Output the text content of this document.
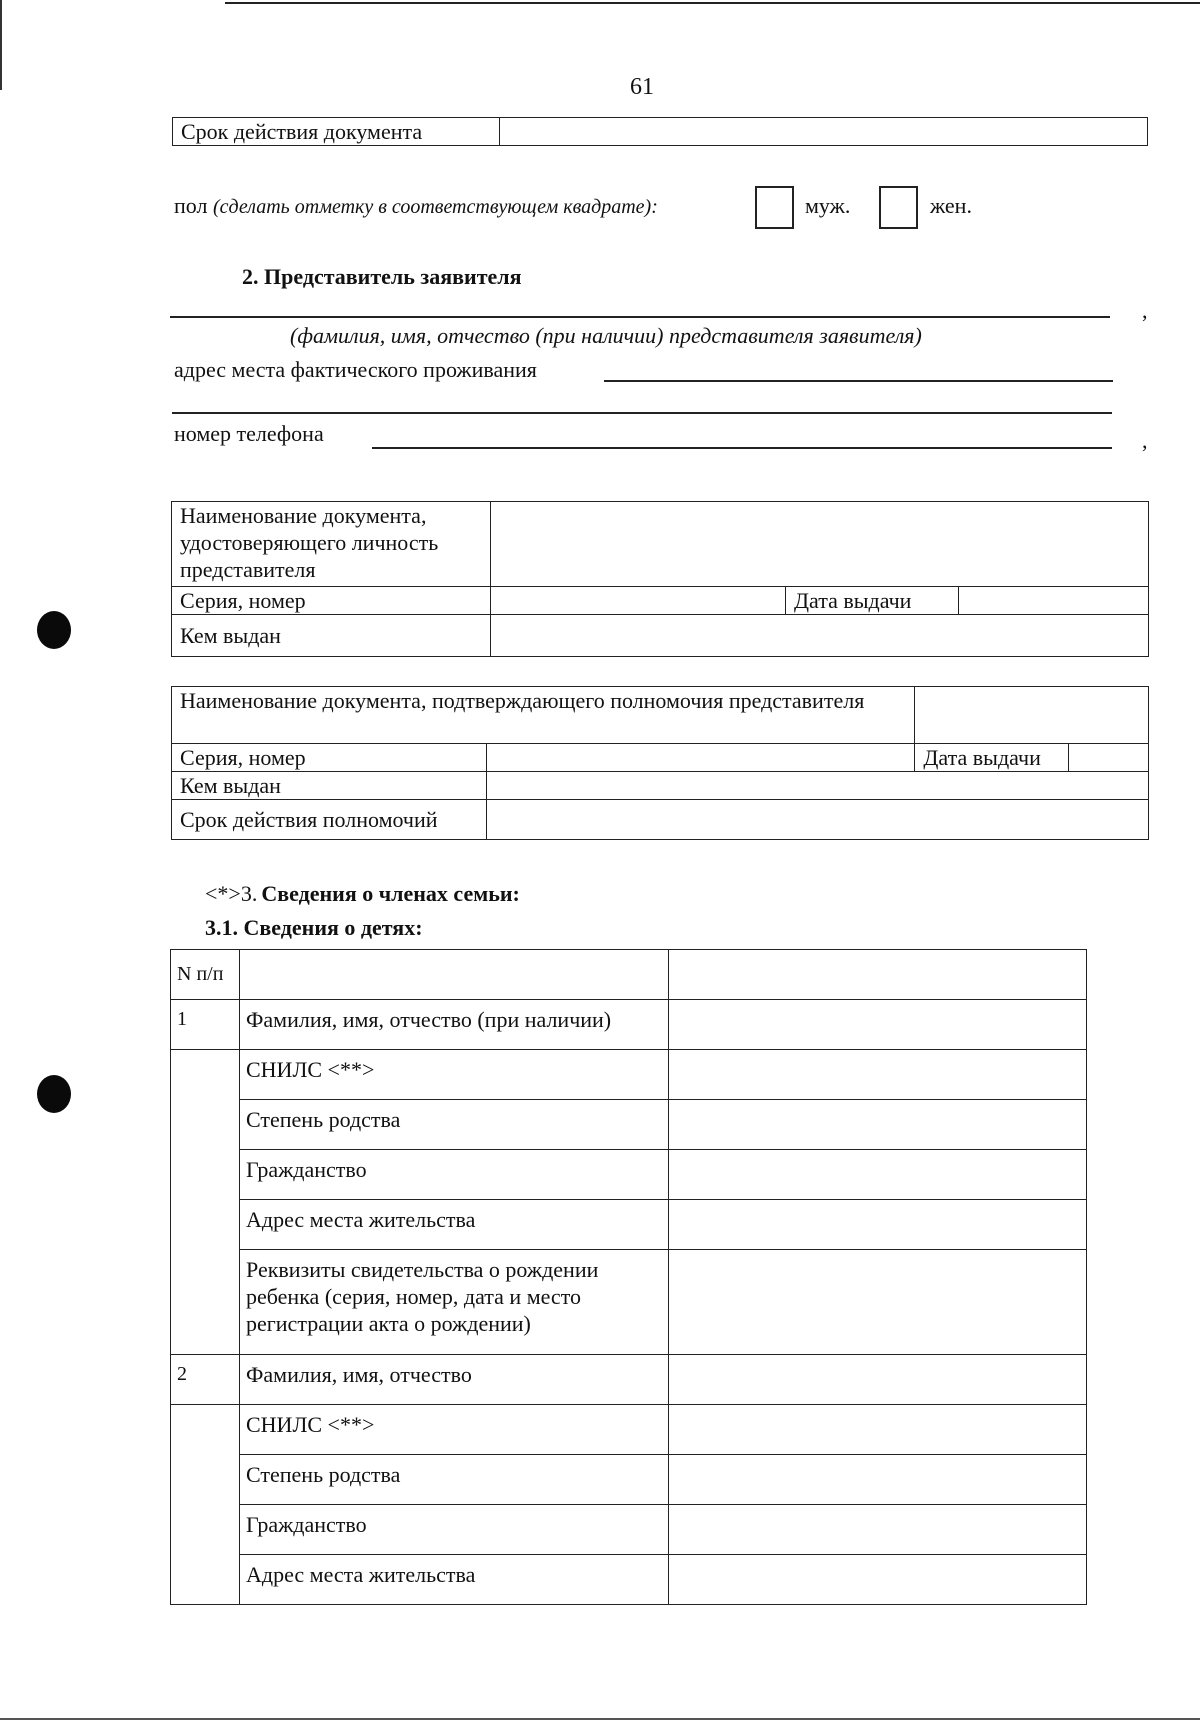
61
Срок действия документа	
пол (сделать отметку в соответствующем квадрате):	муж.	жен.
2. Представитель заявителя
,
(фамилия, имя, отчество (при наличии) представителя заявителя)
адрес места фактического проживания
номер телефона	,
Наименование документа, удостоверяющего личность представителя			
Серия, номер		Дата выдачи	
Кем выдан			
Наименование документа, подтверждающего полномочия представителя		
Серия, номер		Дата выдачи
Кем выдан		
Срок действия полномочий		
<*>3. Сведения о членах семьи:
3.1. Сведения о детях:
N п/п		
1	Фамилия, имя, отчество (при наличии)	
	СНИЛС <**>	
	Степень родства	
	Гражданство	
	Адрес места жительства	
	Реквизиты свидетельства о рождении ребенка (серия, номер, дата и место регистрации акта о рождении)	
2	Фамилия, имя, отчество	
	СНИЛС <**>	
	Степень родства	
	Гражданство	
	Адрес места жительства	
